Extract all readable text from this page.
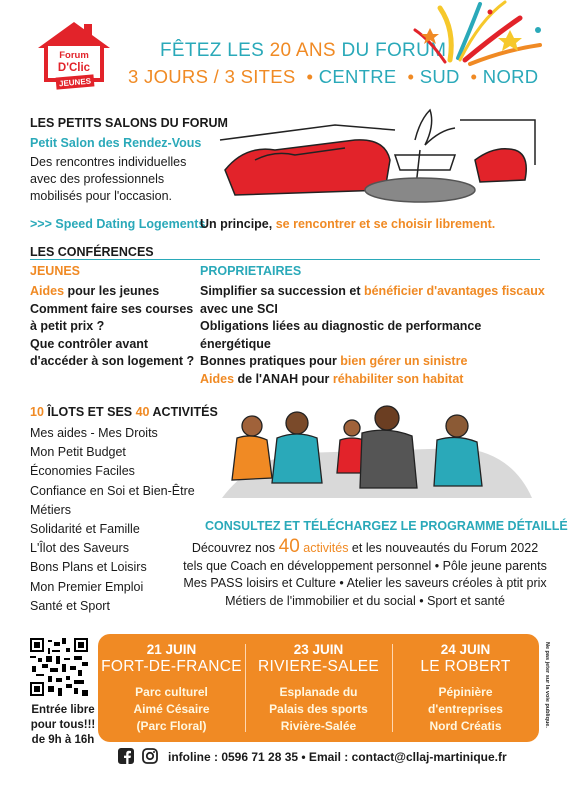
Forum
D'Clic
JEUNES
FÊTEZ LES 20 ANS DU FORUM
3 JOURS / 3 SITES  • CENTRE  • SUD  • NORD
LES PETITS SALONS DU FORUM
Petit Salon des Rendez-Vous
Des rencontres individuelles
avec des professionnels
mobilisés pour l'occasion.
>>> Speed Dating Logements
Un principe, se rencontrer et se choisir librement.
LES CONFÉRENCES
JEUNES	PROPRIETAIRES
Aides pour les jeunes
Comment faire ses courses
à petit prix ?
Que contrôler avant
d'accéder à son logement ?
Simplifier sa succession et bénéficier d'avantages fiscaux
avec une SCI
Obligations liées au diagnostic de performance énergétique
Bonnes pratiques pour bien gérer un sinistre
Aides de l'ANAH pour réhabiliter son habitat
10 ÎLOTS ET SES 40 ACTIVITÉS
Mes aides - Mes Droits
Mon Petit Budget
Économies Faciles
Confiance en Soi et Bien-Être
Métiers
Solidarité et Famille
L'Îlot des Saveurs
Bons Plans et Loisirs
Mon Premier Emploi
Santé et Sport
CONSULTEZ ET TÉLÉCHARGEZ LE PROGRAMME DÉTAILLÉ
Découvrez nos 40 activités et les nouveautés du Forum 2022
tels que Coach en développement personnel • Pôle jeune parents
Mes PASS loisirs et Culture • Atelier les saveurs créoles à ptit prix
Métiers de l'immobilier et du social • Sport et santé
Entrée libre
pour tous!!!
de 9h à 16h
21 JUIN
FORT-DE-FRANCE
Parc culturel
Aimé Césaire
(Parc Floral)
23 JUIN
RIVIERE-SALEE
Esplanade du
Palais des sports
Rivière-Salée
24 JUIN
LE ROBERT
Pépinière
d'entreprises
Nord Créatis	Ne pas jeter sur la voie publique.
infoline : 0596 71 28 35 • Email : contact@cllaj-martinique.fr
